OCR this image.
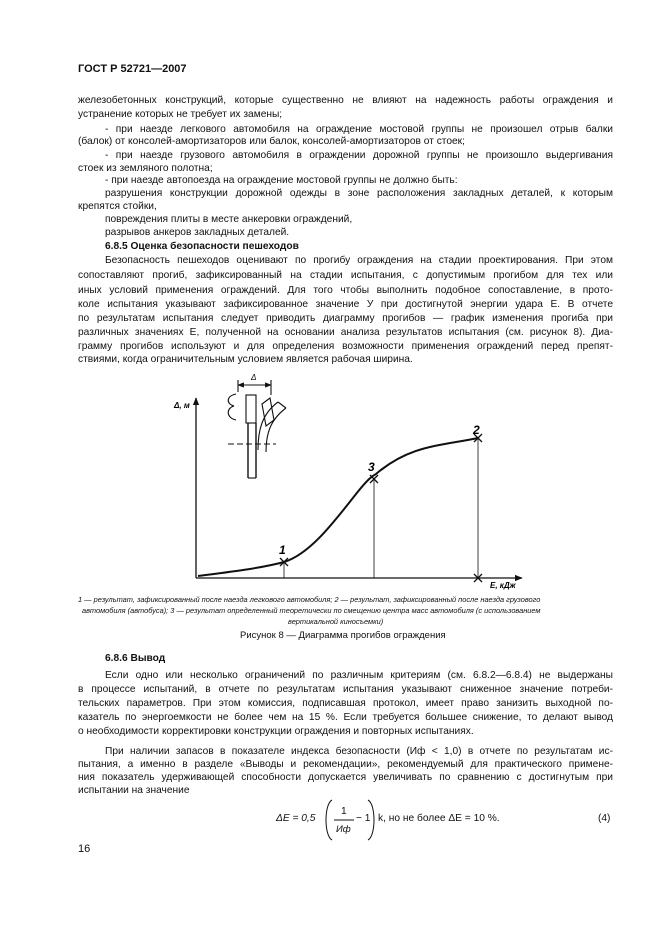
ГОСТ Р 52721—2007
железобетонных конструкций, которые существенно не влияют на надежность работы ограждения и
устранение которых не требует их замены;
- при наезде легкового автомобиля на ограждение мостовой группы не произошел отрыв балки
(балок) от консолей-амортизаторов или балок, консолей-амортизаторов от стоек;
- при наезде грузового автомобиля в ограждении дорожной группы не произошло выдергивания
стоек из земляного полотна;
- при наезде автопоезда на ограждение мостовой группы не должно быть:
разрушения конструкции дорожной одежды в зоне расположения закладных деталей, к которым
крепятся стойки,
повреждения плиты в месте анкеровки ограждений,
разрывов анкеров закладных деталей.
6.8.5 Оценка безопасности пешеходов
Безопасность пешеходов оценивают по прогибу ограждения на стадии проектирования. При этом
сопоставляют прогиб, зафиксированный на стадии испытания, с допустимым прогибом для тех или
иных условий применения ограждений. Для того чтобы выполнить подобное сопоставление, в прото-
коле испытания указывают зафиксированное значение У при достигнутой энергии удара Е. В отчете
по результатам испытания следует приводить диаграмму прогибов — график изменения прогиба при
различных значениях Е, полученной на основании анализа результатов испытания (см. рисунок 8). Диа-
грамму прогибов используют и для определения возможности применения ограждений перед препят-
ствиями, когда ограничительным условием является рабочая ширина.
Δ, м
Е, кДж
Δ
1
3
2
1 — результат, зафиксированный после наезда легкового автомобиля; 2 — результат, зафиксированный после наезда грузового
автомобиля (автобуса); 3 — результат определенный теоретически по смещению центра масс автомобиля (с использованием
вертикальной киносъемки)
Рисунок 8 — Диаграмма прогибов ограждения
6.8.6 Вывод
Если одно или несколько ограничений по различным критериям (см. 6.8.2—6.8.4) не выдержаны
в процессе испытаний, в отчете по результатам испытания указывают сниженное значение потреби-
тельских параметров. При этом комиссия, подписавшая протокол, имеет право занизить выходной по-
казатель по энергоемкости не более чем на 15 %. Если требуется большее снижение, то делают вывод
о необходимости корректировки конструкции ограждения и повторных испытаниях.
При наличии запасов в показателе индекса безопасности (Иф < 1,0) в отчете по результатам ис-
пытания, а именно в разделе «Выводы и рекомендации», рекомендуемый для практического примене-
ния показатель удерживающей способности допускается увеличивать по сравнению с достигнутым при
испытании на значение
ΔE = 0,5
1
Иф
− 1 k, но не более ΔE = 10 %.	(4)
16
